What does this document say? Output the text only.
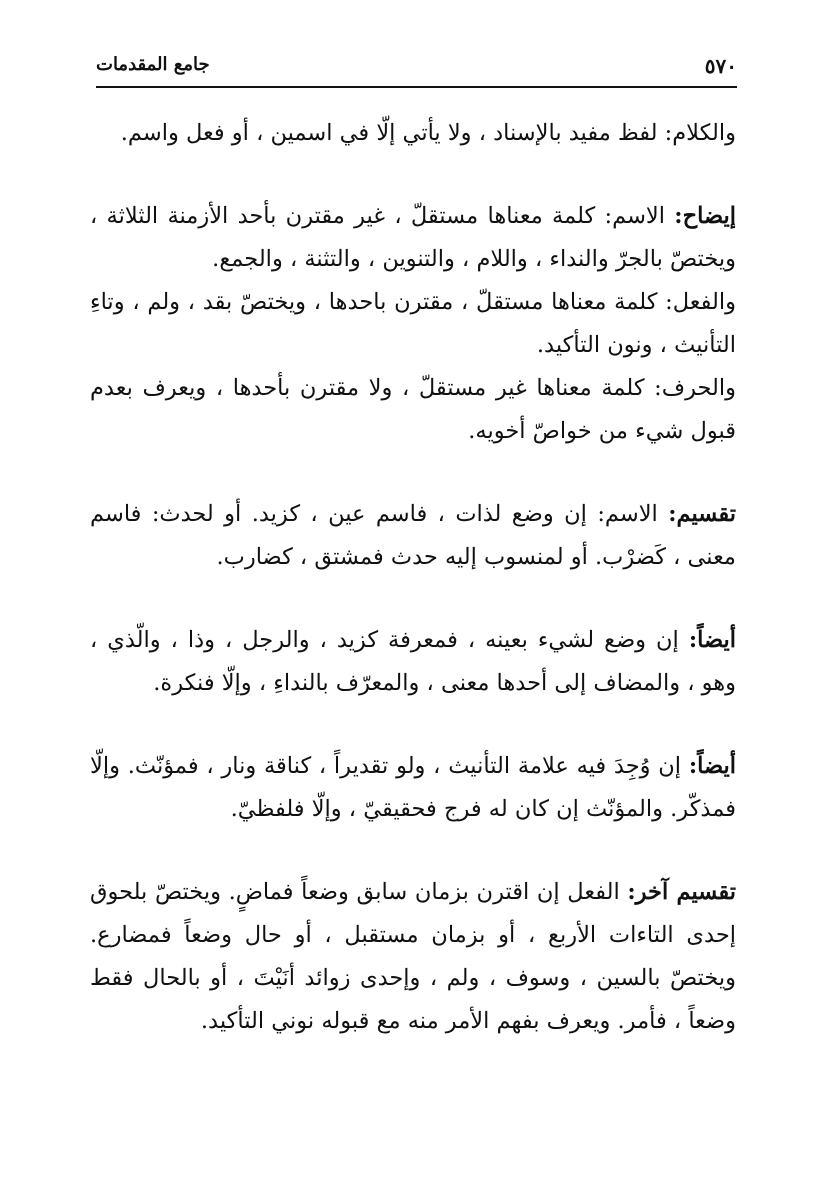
٥٧٠
جامع المقدمات

والكلام: لفظ مفيد بالإسناد ، ولا يأتي إلّا في اسمين ، أو فعل واسم.

إيضاح: الاسم: كلمة معناها مستقلّ ، غير مقترن بأحد الأزمنة الثلاثة ، ويختصّ بالجرّ والنداء ، واللام ، والتنوين ، والتثنة ، والجمع.

والفعل: كلمة معناها مستقلّ ، مقترن باحدها ، ويختصّ بقد ، ولم ، وتاءِ التأنيث ، ونون التأكيد.

والحرف: كلمة معناها غير مستقلّ ، ولا مقترن بأحدها ، ويعرف بعدم قبول شيء من خواصّ أخويه.

تقسيم: الاسم: إن وضع لذات ، فاسم عين ، كزيد. أو لحدث: فاسم معنى ، كَضرْب. أو لمنسوب إليه حدث فمشتق ، كضارب.

أيضاً: إن وضع لشيء بعينه ، فمعرفة كزيد ، والرجل ، وذا ، والّذي ، وهو ، والمضاف إلى أحدها معنى ، والمعرّف بالنداءِ ، وإلّا فنكرة.

أيضاً: إن وُجِدَ فيه علامة التأنيث ، ولو تقديراً ، كناقة ونار ، فمؤنّث. وإلّا فمذكّر. والمؤنّث إن كان له فرج فحقيقيّ ، وإلّا فلفظيّ.

تقسيم آخر: الفعل إن اقترن بزمان سابق وضعاً فماضٍ. ويختصّ بلحوق إحدى التاءات الأربع ، أو بزمان مستقبل ، أو حال وضعاً فمضارع. ويختصّ بالسين ، وسوف ، ولم ، وإحدى زوائد أنَيْتَ ، أو بالحال فقط وضعاً ، فأمر. ويعرف بفهم الأمر منه مع قبوله نوني التأكيد.
